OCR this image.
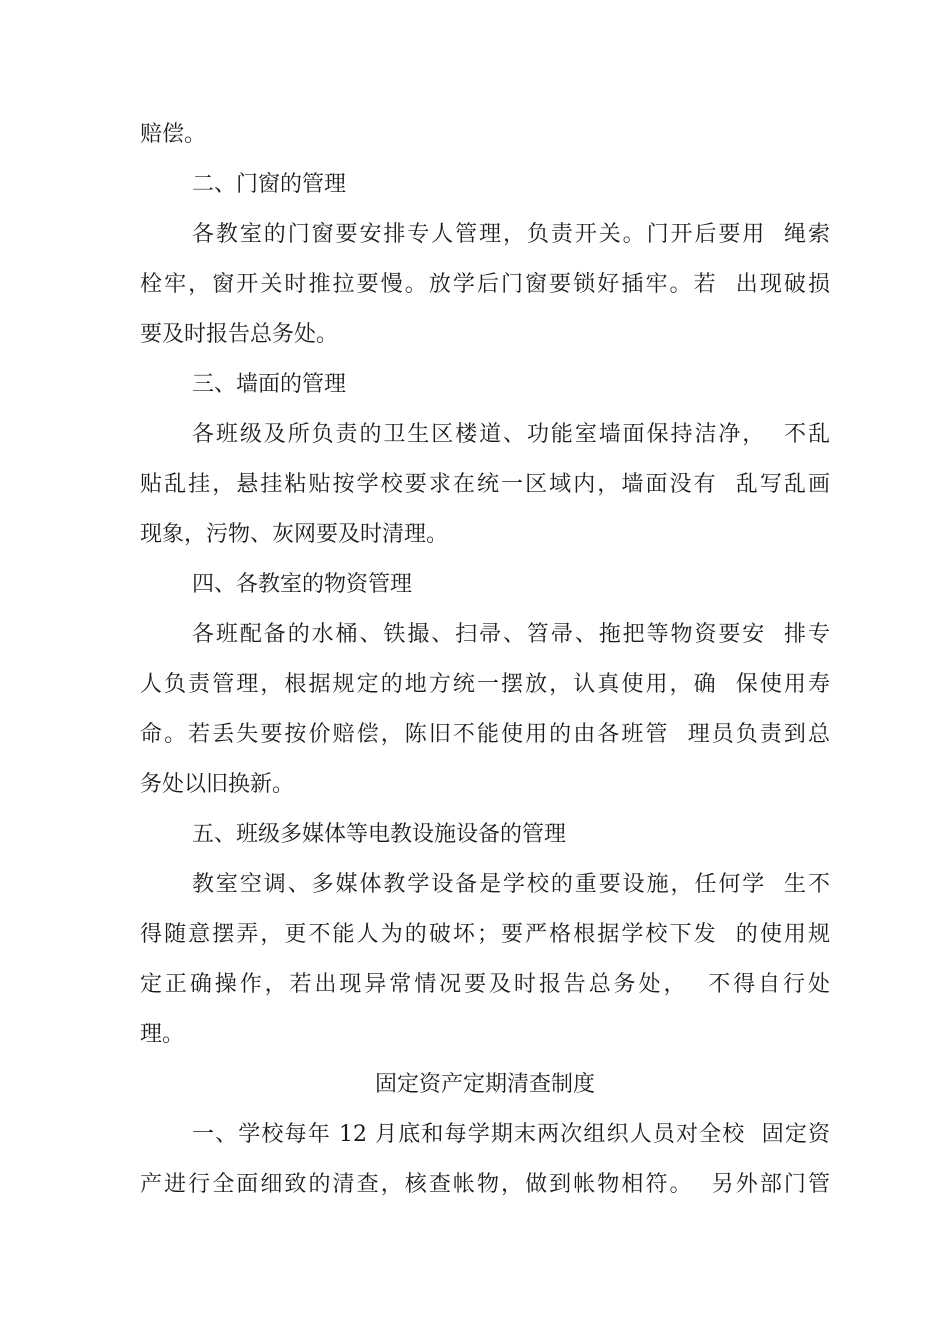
赔偿。
二、门窗的管理
各教室的门窗要安排专人管理，负责开关。门开后要用  绳索
栓牢，窗开关时推拉要慢。放学后门窗要锁好插牢。若  出现破损
要及时报告总务处。
三、墙面的管理
各班级及所负责的卫生区楼道、功能室墙面保持洁净，  不乱
贴乱挂，悬挂粘贴按学校要求在统一区域内，墙面没有  乱写乱画
现象，污物、灰网要及时清理。
四、各教室的物资管理
各班配备的水桶、铁撮、扫帚、笤帚、拖把等物资要安  排专
人负责管理，根据规定的地方统一摆放，认真使用，确  保使用寿
命。若丢失要按价赔偿，陈旧不能使用的由各班管  理员负责到总
务处以旧换新。
五、班级多媒体等电教设施设备的管理
教室空调、多媒体教学设备是学校的重要设施，任何学  生不
得随意摆弄，更不能人为的破坏；要严格根据学校下发  的使用规
定正确操作，若出现异常情况要及时报告总务处，  不得自行处
理。
固定资产定期清查制度
一、学校每年 12 月底和每学期末两次组织人员对全校  固定资
产进行全面细致的清查，核查帐物，做到帐物相符。  另外部门管
